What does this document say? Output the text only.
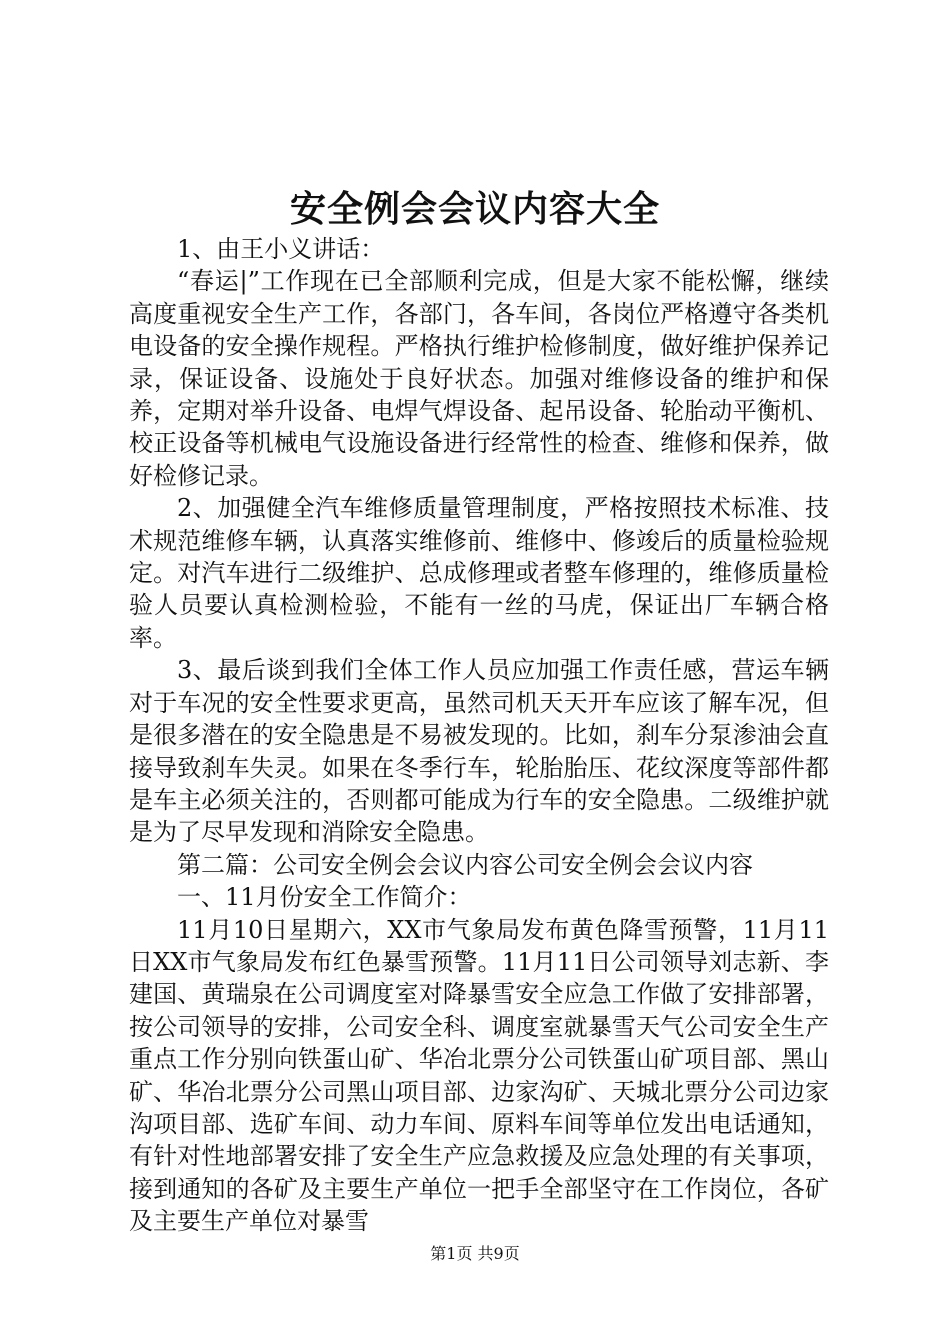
安全例会会议内容大全

1、由王小义讲话：

“春运|”工作现在已全部顺利完成，但是大家不能松懈，继续高度重视安全生产工作，各部门，各车间，各岗位严格遵守各类机电设备的安全操作规程。严格执行维护检修制度，做好维护保养记录，保证设备、设施处于良好状态。加强对维修设备的维护和保养，定期对举升设备、电焊气焊设备、起吊设备、轮胎动平衡机、校正设备等机械电气设施设备进行经常性的检查、维修和保养，做好检修记录。

2、加强健全汽车维修质量管理制度，严格按照技术标准、技术规范维修车辆，认真落实维修前、维修中、修竣后的质量检验规定。对汽车进行二级维护、总成修理或者整车修理的，维修质量检验人员要认真检测检验，不能有一丝的马虎，保证出厂车辆合格率。

3、最后谈到我们全体工作人员应加强工作责任感，营运车辆对于车况的安全性要求更高，虽然司机天天开车应该了解车况，但是很多潜在的安全隐患是不易被发现的。比如，刹车分泵渗油会直接导致刹车失灵。如果在冬季行车，轮胎胎压、花纹深度等部件都是车主必须关注的，否则都可能成为行车的安全隐患。二级维护就是为了尽早发现和消除安全隐患。

第二篇：公司安全例会会议内容公司安全例会会议内容

一、11月份安全工作简介：

11月10日星期六，XX市气象局发布黄色降雪预警，11月11日XX市气象局发布红色暴雪预警。11月11日公司领导刘志新、李建国、黄瑞泉在公司调度室对降暴雪安全应急工作做了安排部署，按公司领导的安排，公司安全科、调度室就暴雪天气公司安全生产重点工作分别向铁蛋山矿、华冶北票分公司铁蛋山矿项目部、黑山矿、华冶北票分公司黑山项目部、边家沟矿、天城北票分公司边家沟项目部、选矿车间、动力车间、原料车间等单位发出电话通知，有针对性地部署安排了安全生产应急救援及应急处理的有关事项，接到通知的各矿及主要生产单位一把手全部坚守在工作岗位，各矿及主要生产单位对暴雪

第1页 共9页
